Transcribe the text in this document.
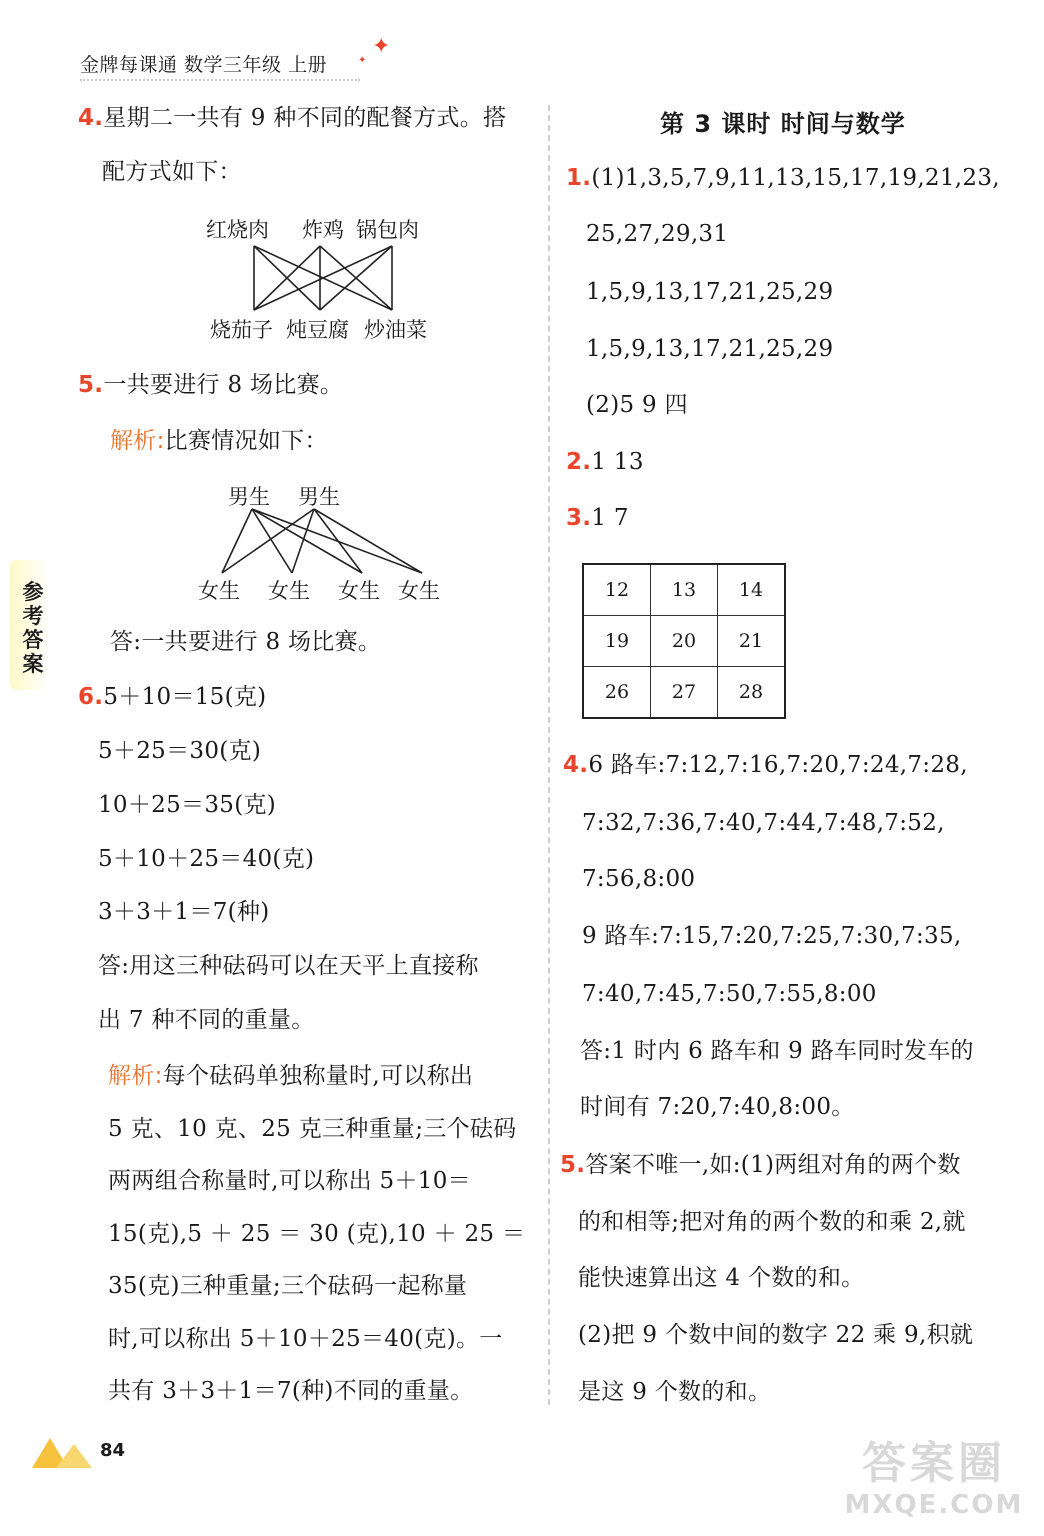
金牌每课通 数学三年级 上册
✦
✦
参
考
答
案
4.星期二一共有 9 种不同的配餐方式。搭
配方式如下：
红烧肉 炸鸡 锅包肉
烧茄子 炖豆腐 炒油菜
5.一共要进行 8 场比赛。
解析:比赛情况如下：
男生 男生
女生 女生 女生 女生
答:一共要进行 8 场比赛。
6.5＋10＝15(克)
5＋25＝30(克)
10＋25＝35(克)
5＋10＋25＝40(克)
3＋3＋1＝7(种)
答:用这三种砝码可以在天平上直接称
出 7 种不同的重量。
解析:每个砝码单独称量时,可以称出
5 克、10 克、25 克三种重量;三个砝码
两两组合称量时,可以称出 5＋10＝
15(克),5 ＋ 25 ＝ 30 (克),10 ＋ 25 ＝
35(克)三种重量;三个砝码一起称量
时,可以称出 5＋10＋25＝40(克)。一
共有 3＋3＋1＝7(种)不同的重量。
第 3 课时 时间与数学
1.(1)1,3,5,7,9,11,13,15,17,19,21,23,
25,27,29,31
1,5,9,13,17,21,25,29
1,5,9,13,17,21,25,29
(2)5 9 四
2.1 13
3.1 7
12	13	14
19	20	21
26	27	28
4.6 路车:7:12,7:16,7:20,7:24,7:28,
7:32,7:36,7:40,7:44,7:48,7:52,
7:56,8:00
9 路车:7:15,7:20,7:25,7:30,7:35,
7:40,7:45,7:50,7:55,8:00
答:1 时内 6 路车和 9 路车同时发车的
时间有 7:20,7:40,8:00。
5.答案不唯一,如:(1)两组对角的两个数
的和相等;把对角的两个数的和乘 2,就
能快速算出这 4 个数的和。
(2)把 9 个数中间的数字 22 乘 9,积就
是这 9 个数的和。
84	答案圈
MXQE.COM
